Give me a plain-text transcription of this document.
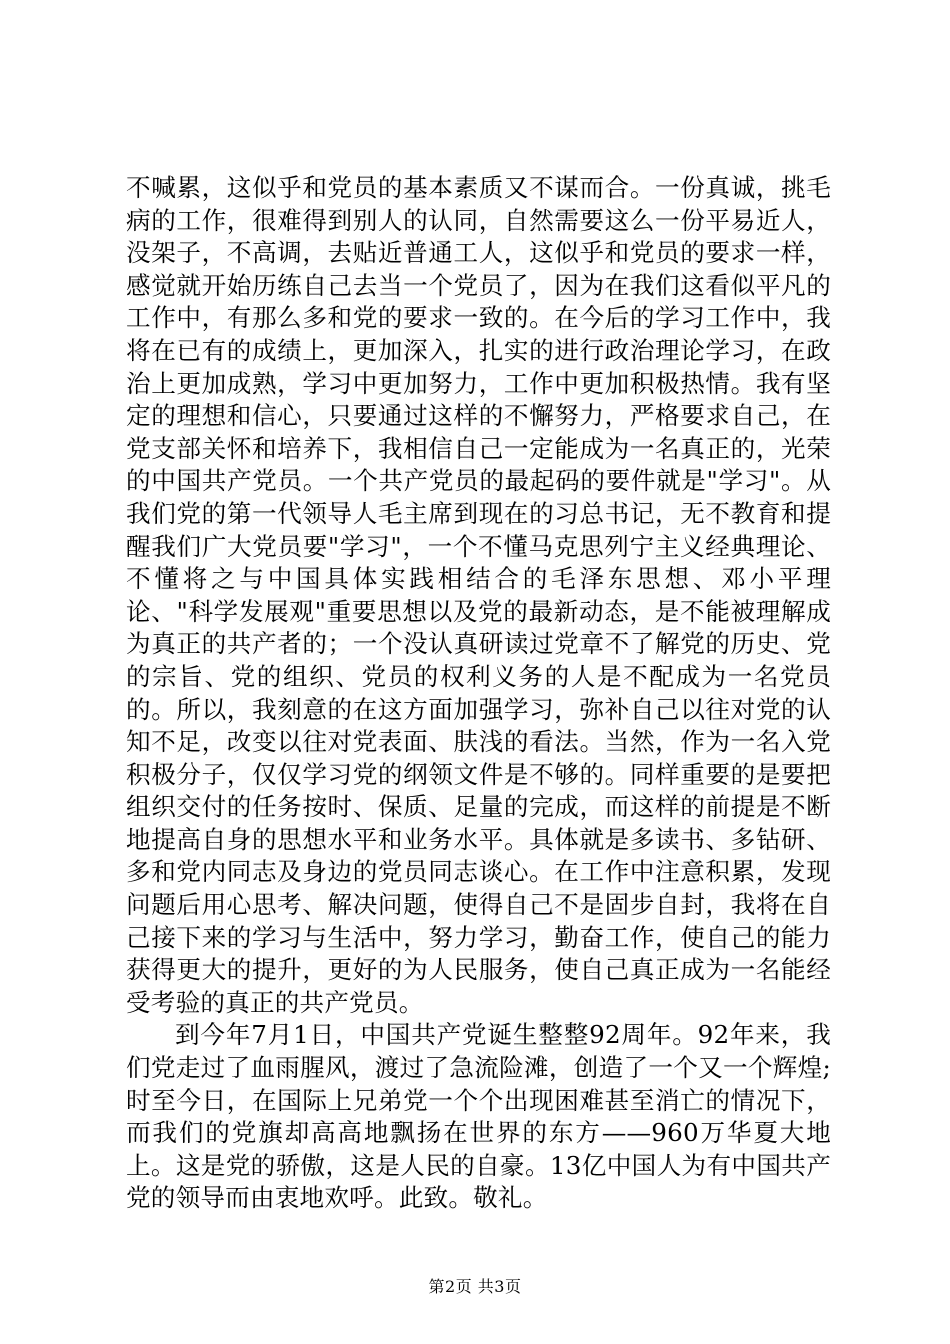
不喊累，这似乎和党员的基本素质又不谋而合。一份真诚，挑毛病的工作，很难得到别人的认同，自然需要这么一份平易近人，没架子，不高调，去贴近普通工人，这似乎和党员的要求一样，感觉就开始历练自己去当一个党员了，因为在我们这看似平凡的工作中，有那么多和党的要求一致的。在今后的学习工作中，我将在已有的成绩上，更加深入，扎实的进行政治理论学习，在政治上更加成熟，学习中更加努力，工作中更加积极热情。我有坚定的理想和信心，只要通过这样的不懈努力，严格要求自己，在党支部关怀和培养下，我相信自己一定能成为一名真正的，光荣的中国共产党员。一个共产党员的最起码的要件就是"学习"。从我们党的第一代领导人毛主席到现在的习总书记，无不教育和提醒我们广大党员要"学习"，一个不懂马克思列宁主义经典理论、不懂将之与中国具体实践相结合的毛泽东思想、邓小平理论、"科学发展观"重要思想以及党的最新动态，是不能被理解成为真正的共产者的；一个没认真研读过党章不了解党的历史、党的宗旨、党的组织、党员的权利义务的人是不配成为一名党员的。所以，我刻意的在这方面加强学习，弥补自己以往对党的认知不足，改变以往对党表面、肤浅的看法。当然，作为一名入党积极分子，仅仅学习党的纲领文件是不够的。同样重要的是要把组织交付的任务按时、保质、足量的完成，而这样的前提是不断地提高自身的思想水平和业务水平。具体就是多读书、多钻研、多和党内同志及身边的党员同志谈心。在工作中注意积累，发现问题后用心思考、解决问题，使得自己不是固步自封，我将在自己接下来的学习与生活中，努力学习，勤奋工作，使自己的能力获得更大的提升，更好的为人民服务，使自己真正成为一名能经受考验的真正的共产党员。

到今年7月1日，中国共产党诞生整整92周年。92年来，我们党走过了血雨腥风，渡过了急流险滩，创造了一个又一个辉煌;时至今日，在国际上兄弟党一个个出现困难甚至消亡的情况下，而我们的党旗却高高地飘扬在世界的东方——960万华夏大地上。这是党的骄傲，这是人民的自豪。13亿中国人为有中国共产党的领导而由衷地欢呼。此致。敬礼。

第2页 共3页
